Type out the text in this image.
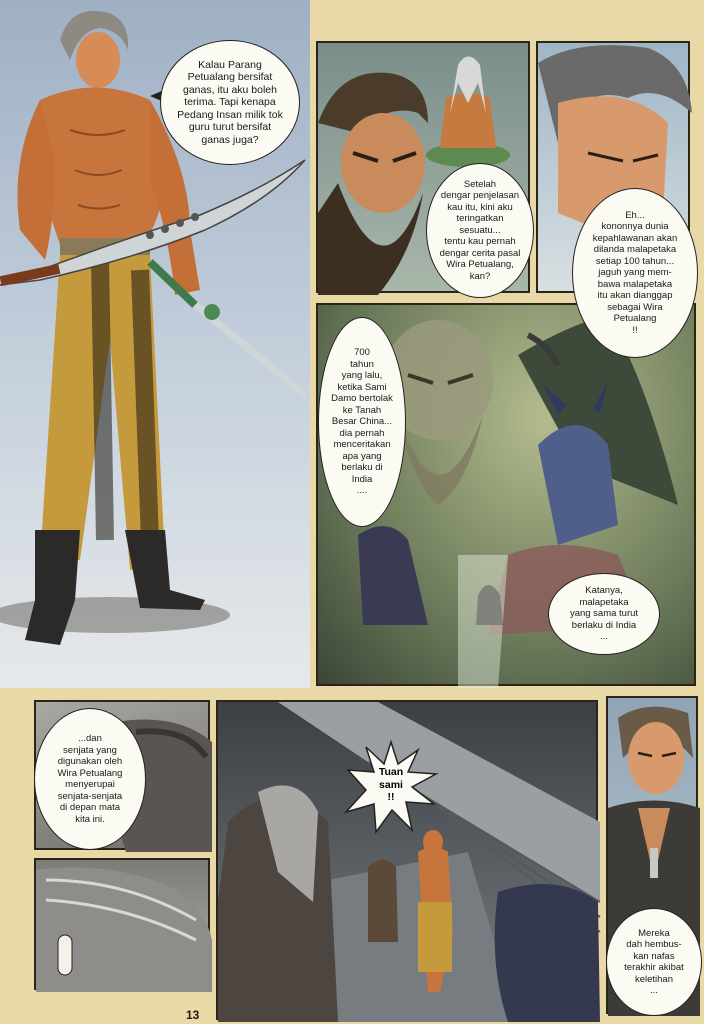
Kalau Parang
Petualang bersifat
ganas, itu aku boleh
terima. Tapi kenapa
Pedang Insan milik tok
guru turut bersifat
ganas juga?
Setelah
dengar penjelasan
kau itu, kini aku
teringatkan sesuatu...
tentu kau pernah
dengar cerita pasal
Wira Petualang,
kan?
Eh...
kononnya dunia
kepahlawanan akan
dilanda malapetaka
setiap 100 tahun...
jaguh yang mem-
bawa malapetaka
itu akan dianggap
sebagai Wira
Petualang
!!
700
tahun
yang lalu,
ketika Sami
Damo bertolak
ke Tanah
Besar China...
dia pernah
menceritakan
apa yang
berlaku di
India
....
Katanya,
malapetaka
yang sama turut
berlaku di India
...
...dan
senjata yang
digunakan oleh
Wira Petualang
menyerupai
senjata-senjata
di depan mata
kita ini.
Tuan
sami
!!
Mereka
dah hembus-
kan nafas
terakhir akibat
keletihan
...
13
